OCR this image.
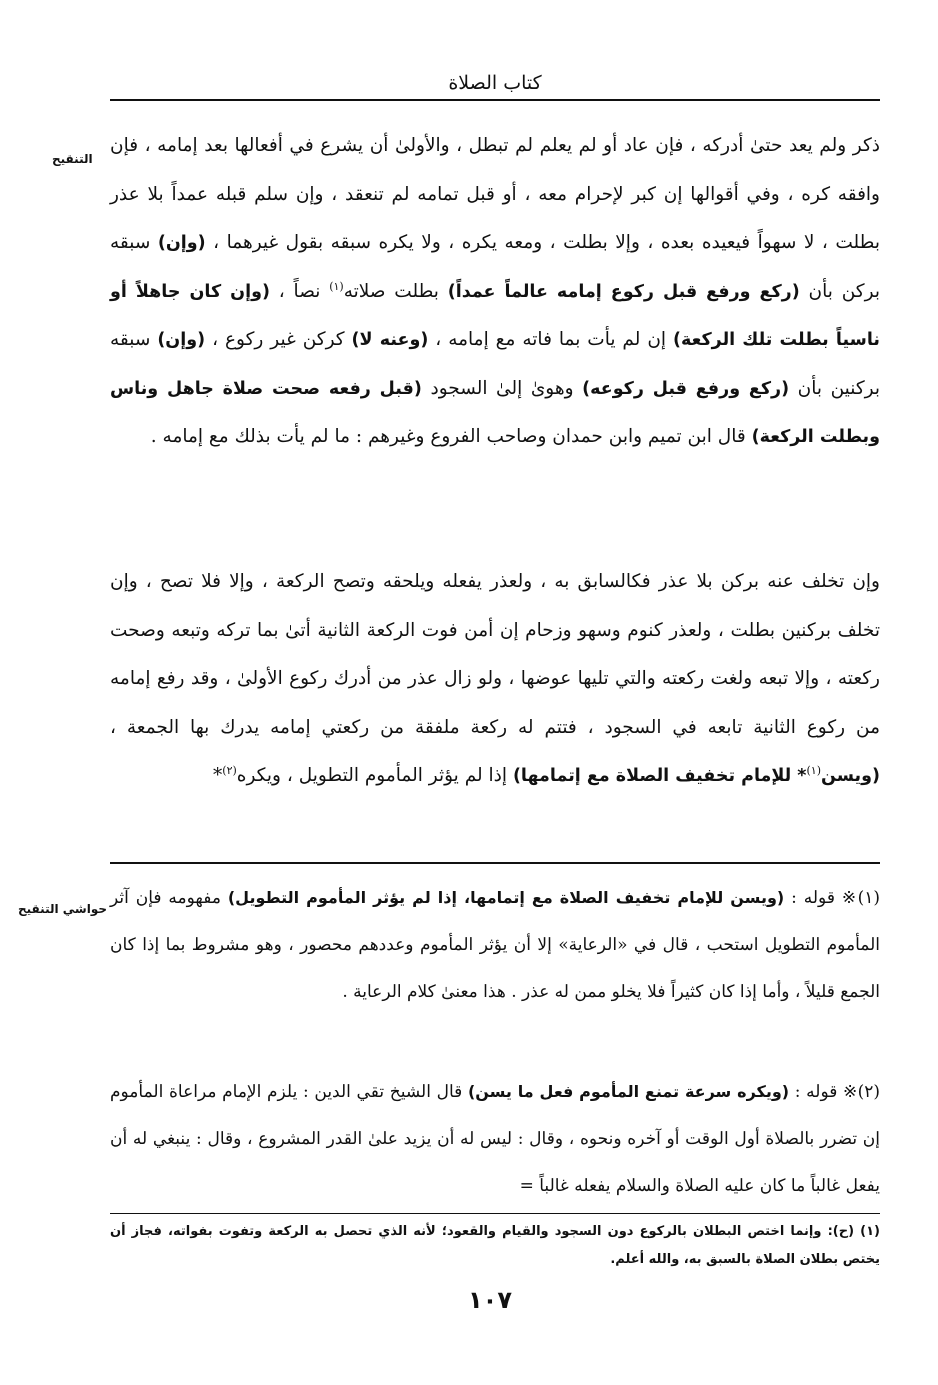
كتاب الصلاة
التنقيح
حواشي التنقيح
ذكر ولم يعد حتىٰ أدركه ، فإن عاد أو لم يعلم لم تبطل ، والأولىٰ أن يشرع في أفعالها بعد إمامه ، فإن وافقه كره ، وفي أقوالها إن كبر لإحرام معه ، أو قبل تمامه لم تنعقد ، وإن سلم قبله عمداً بلا عذر بطلت ، لا سهواً فيعيده بعده ، وإلا بطلت ، ومعه يكره ، ولا يكره سبقه بقول غيرهما ، (وإن) سبقه بركن بأن (ركع ورفع قبل ركوع إمامه عالماً عمداً) بطلت صلاته$^{(١)}$ نصاً ، (وإن كان جاهلاً أو ناسياً بطلت تلك الركعة) إن لم يأت بما فاته مع إمامه ، (وعنه لا) كركن غير ركوع ، (وإن) سبقه بركنين بأن (ركع ورفع قبل ركوعه) وهوىٰ إلىٰ السجود (قبل رفعه صحت صلاة جاهل وناس وبطلت الركعة) قال ابن تميم وابن حمدان وصاحب الفروع وغيرهم : ما لم يأت بذلك مع إمامه .
وإن تخلف عنه بركن بلا عذر فكالسابق به ، ولعذر يفعله ويلحقه وتصح الركعة ، وإلا فلا تصح ، وإن تخلف بركنين بطلت ، ولعذر كنوم وسهو وزحام إن أمن فوت الركعة الثانية أتىٰ بما تركه وتبعه وصحت ركعته ، وإلا تبعه ولغت ركعته والتي تليها عوضها ، ولو زال عذر من أدرك ركوع الأولىٰ ، وقد رفع إمامه من ركوع الثانية تابعه في السجود ، فتتم له ركعة ملفقة من ركعتي إمامه يدرك بها الجمعة ، (ويسن$^{(١)}$* للإمام تخفيف الصلاة مع إتمامها) إذا لم يؤثر المأموم التطويل ، ويكره$^{(٢)}$*
(١)※ قوله : (ويسن للإمام تخفيف الصلاة مع إتمامها، إذا لم يؤثر المأموم التطويل) مفهومه فإن آثر المأموم التطويل استحب ، قال في «الرعاية» إلا أن يؤثر المأموم وعددهم محصور ، وهو مشروط بما إذا كان الجمع قليلاً ، وأما إذا كان كثيراً فلا يخلو ممن له عذر . هذا معنىٰ كلام الرعاية .
(٢)※ قوله : (ويكره سرعة تمنع المأموم فعل ما يسن) قال الشيخ تقي الدين : يلزم الإمام مراعاة المأموم إن تضرر بالصلاة أول الوقت أو آخره ونحوه ، وقال : ليس له أن يزيد علىٰ القدر المشروع ، وقال : ينبغي له أن يفعل غالباً ما كان عليه الصلاة والسلام يفعله غالباً =
(١) (ح): وإنما اختص البطلان بالركوع دون السجود والقيام والقعود؛ لأنه الذي تحصل به الركعة وتفوت بفواته، فجاز أن يختص بطلان الصلاة بالسبق به، والله أعلم.
١٠٧
